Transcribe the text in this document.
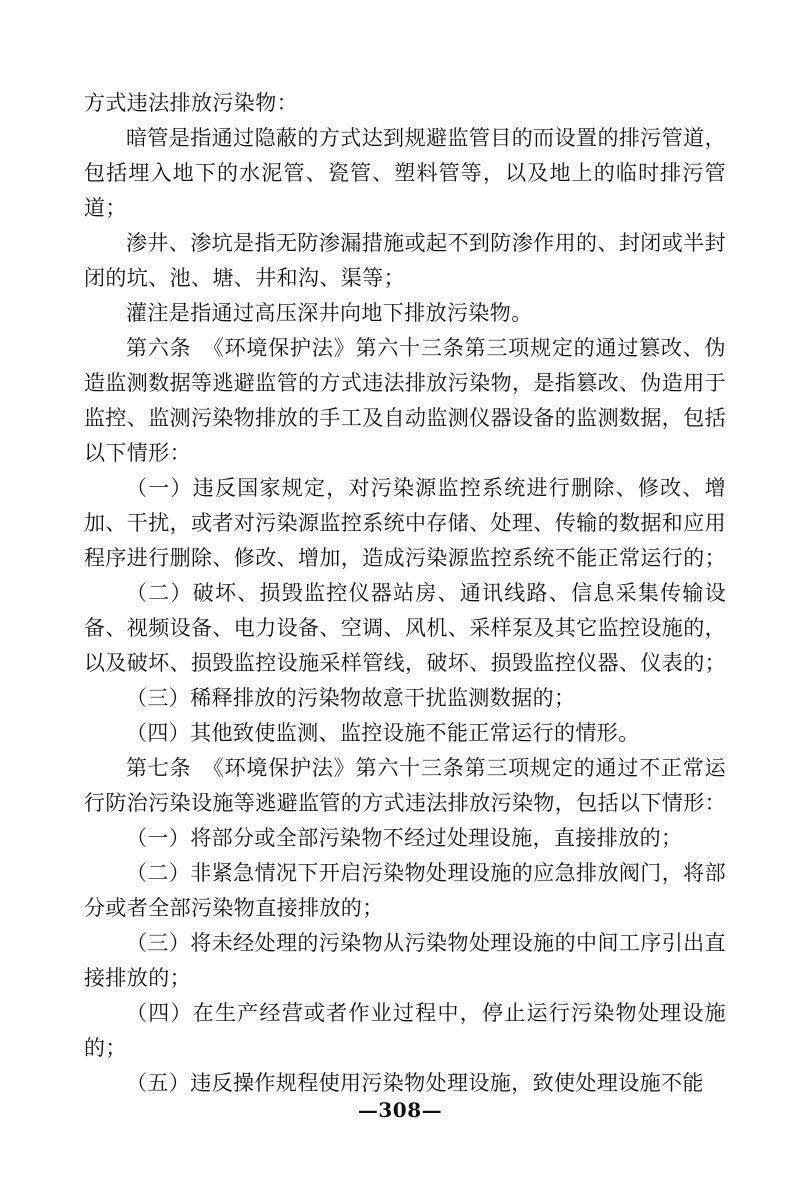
方式违法排放污染物：

暗管是指通过隐蔽的方式达到规避监管目的而设置的排污管道，包括埋入地下的水泥管、瓷管、塑料管等，以及地上的临时排污管道；

渗井、渗坑是指无防渗漏措施或起不到防渗作用的、封闭或半封闭的坑、池、塘、井和沟、渠等；

灌注是指通过高压深井向地下排放污染物。

第六条　《环境保护法》第六十三条第三项规定的通过篡改、伪造监测数据等逃避监管的方式违法排放污染物，是指篡改、伪造用于监控、监测污染物排放的手工及自动监测仪器设备的监测数据，包括以下情形：

（一）违反国家规定，对污染源监控系统进行删除、修改、增加、干扰，或者对污染源监控系统中存储、处理、传输的数据和应用程序进行删除、修改、增加，造成污染源监控系统不能正常运行的；

（二）破坏、损毁监控仪器站房、通讯线路、信息采集传输设备、视频设备、电力设备、空调、风机、采样泵及其它监控设施的，以及破坏、损毁监控设施采样管线，破坏、损毁监控仪器、仪表的；

（三）稀释排放的污染物故意干扰监测数据的；

（四）其他致使监测、监控设施不能正常运行的情形。

第七条　《环境保护法》第六十三条第三项规定的通过不正常运行防治污染设施等逃避监管的方式违法排放污染物，包括以下情形：

（一）将部分或全部污染物不经过处理设施，直接排放的；

（二）非紧急情况下开启污染物处理设施的应急排放阀门，将部分或者全部污染物直接排放的；

（三）将未经处理的污染物从污染物处理设施的中间工序引出直接排放的；

（四）在生产经营或者作业过程中，停止运行污染物处理设施的；

（五）违反操作规程使用污染物处理设施，致使处理设施不能

—308—
